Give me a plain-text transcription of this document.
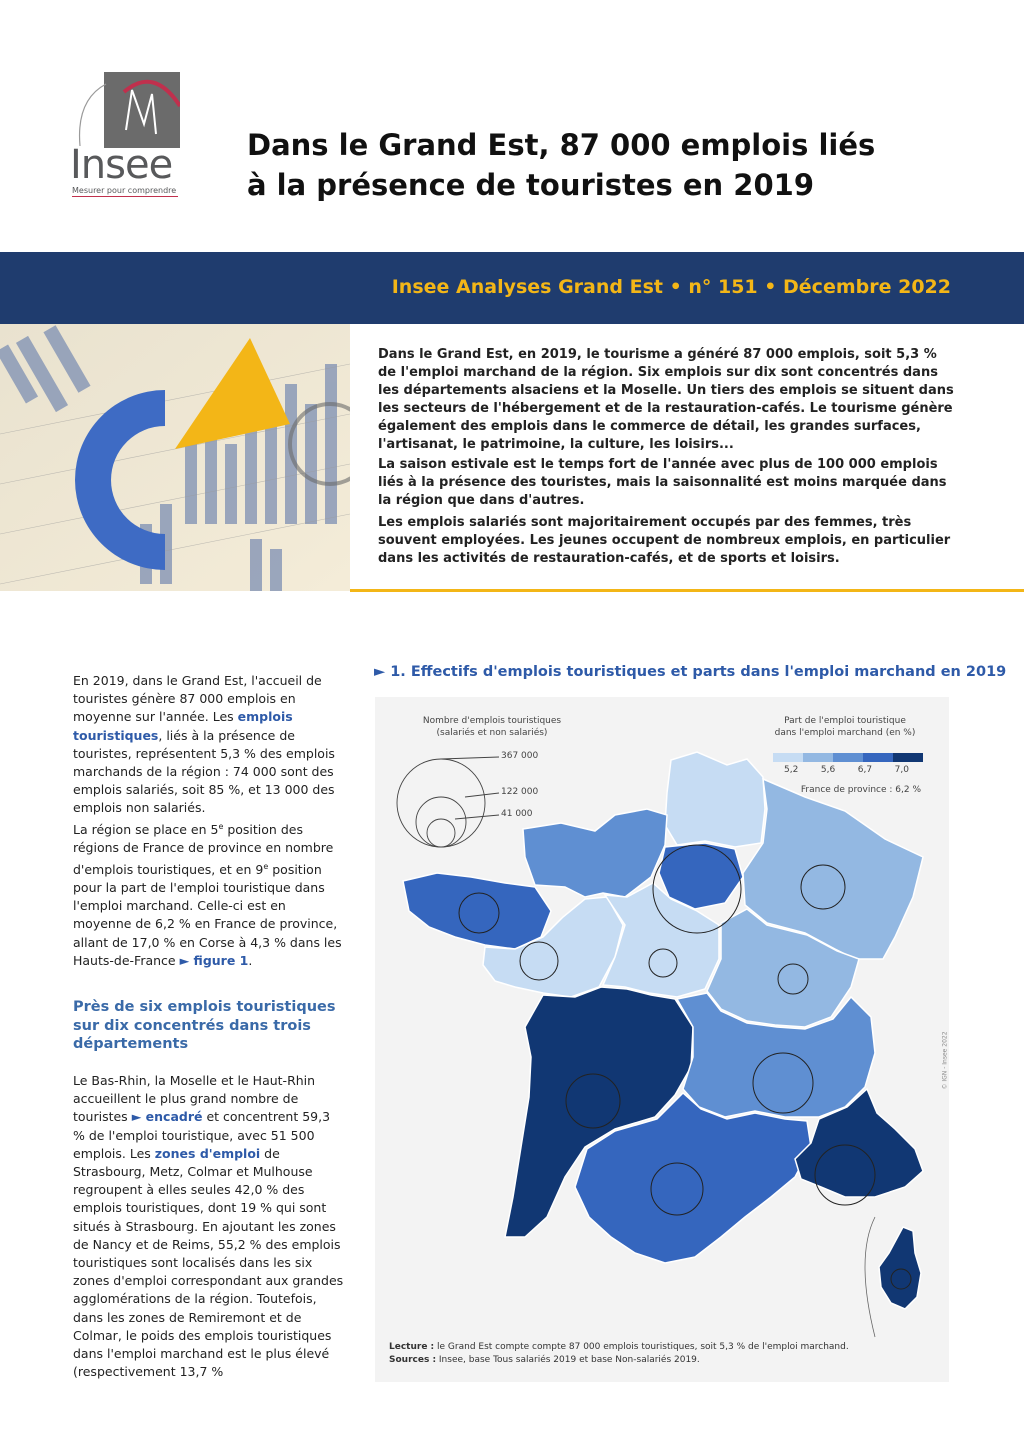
Insee
Mesurer pour comprendre
Dans le Grand Est, 87 000 emplois liés
à la présence de touristes en 2019
Insee Analyses Grand Est • n° 151 • Décembre 2022

Dans le Grand Est, en 2019, le tourisme a généré 87 000 emplois, soit 5,3 % de l'emploi marchand de la région. Six emplois sur dix sont concentrés dans les départements alsaciens et la Moselle. Un tiers des emplois se situent dans les secteurs de l'hébergement et de la restauration-cafés. Le tourisme génère également des emplois dans le commerce de détail, les grandes surfaces, l'artisanat, le patrimoine, la culture, les loisirs...

La saison estivale est le temps fort de l'année avec plus de 100 000 emplois liés à la présence des touristes, mais la saisonnalité est moins marquée dans la région que dans d'autres.

Les emplois salariés sont majoritairement occupés par des femmes, très souvent employées. Les jeunes occupent de nombreux emplois, en particulier dans les activités de restauration-cafés, et de sports et loisirs.

En 2019, dans le Grand Est, l'accueil de touristes génère 87 000 emplois en moyenne sur l'année. Les emplois touristiques, liés à la présence de touristes, représentent 5,3 % des emplois marchands de la région : 74 000 sont des emplois salariés, soit 85 %, et 13 000 des emplois non salariés.
La région se place en 5e position des régions de France de province en nombre d'emplois touristiques, et en 9e position pour la part de l'emploi touristique dans l'emploi marchand. Celle-ci est en moyenne de 6,2 % en France de province, allant de 17,0 % en Corse à 4,3 % dans les Hauts-de-France ► figure 1.
Près de six emplois touristiques sur dix concentrés dans trois départements
Le Bas-Rhin, la Moselle et le Haut-Rhin accueillent le plus grand nombre de touristes ► encadré et concentrent 59,3 % de l'emploi touristique, avec 51 500 emplois. Les zones d'emploi de Strasbourg, Metz, Colmar et Mulhouse regroupent à elles seules 42,0 % des emplois touristiques, dont 19 % qui sont situés à Strasbourg. En ajoutant les zones de Nancy et de Reims, 55,2 % des emplois touristiques sont localisés dans les six zones d'emploi correspondant aux grandes agglomérations de la région. Toutefois, dans les zones de Remiremont et de Colmar, le poids des emplois touristiques dans l'emploi marchand est le plus élevé (respectivement 13,7 %
► 1. Effectifs d'emplois touristiques et parts dans l'emploi marchand en 2019
Nombre d'emplois touristiques
(salariés et non salariés)
367 000
122 000
41 000
Part de l'emploi touristique
dans l'emploi marchand (en %)
5,2	5,6	6,7	7,0
France de province : 6,2 %
© IGN - Insee 2022
Lecture : le Grand Est compte compte 87 000 emplois touristiques, soit 5,3 % de l'emploi marchand.
Sources : Insee, base Tous salariés 2019 et base Non-salariés 2019.
